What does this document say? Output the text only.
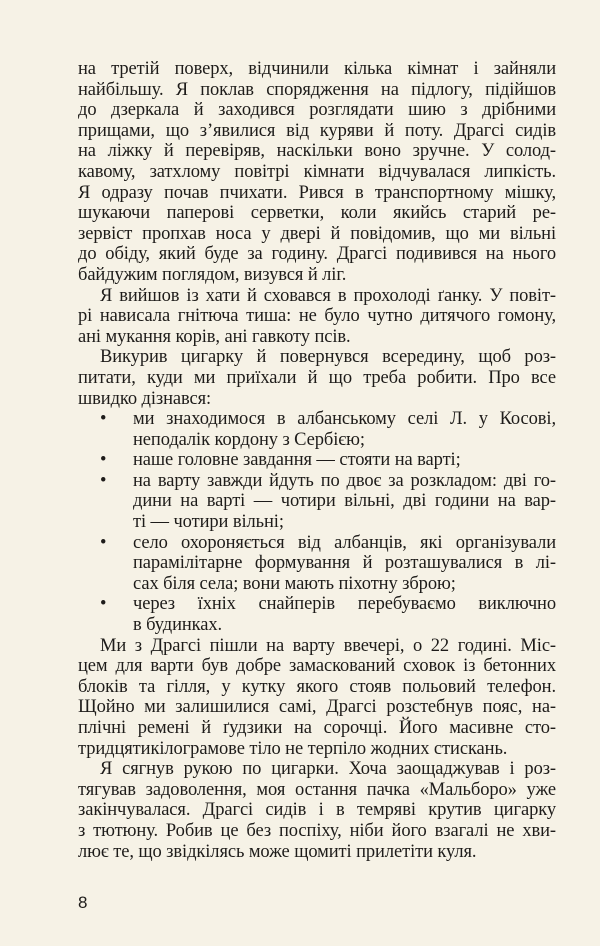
на третій поверх, відчинили кілька кімнат і зайняли
найбільшу. Я поклав спорядження на підлогу, підійшов
до дзеркала й заходився розглядати шию з дрібними
прищами, що з’явилися від куряви й поту. Драгсі сидів
на ліжку й перевіряв, наскільки воно зручне. У солод-
кавому, затхлому повітрі кімнати відчувалася липкість.
Я одразу почав пчихати. Рився в транспортному мішку,
шукаючи паперові серветки, коли якийсь старий ре-
зервіст пропхав носа у двері й повідомив, що ми вільні
до обіду, який буде за годину. Драгсі подивився на нього
байдужим поглядом, визувся й ліг.
Я вийшов із хати й сховався в прохолоді ґанку. У повіт-
рі нависала гнітюча тиша: не було чутно дитячого гомону,
ані мукання корів, ані гавкоту псів.
Викурив цигарку й повернувся всередину, щоб роз-
питати, куди ми приїхали й що треба робити. Про все
швидко дізнався:
• ми знаходимося в албанському селі Л. у Косові,
неподалік кордону з Сербією;
• наше головне завдання — стояти на варті;
• на варту завжди йдуть по двоє за розкладом: дві го-
дини на варті — чотири вільні, дві години на вар-
ті — чотири вільні;
• село охороняється від албанців, які організували
парамілітарне формування й розташувалися в лі-
сах біля села; вони мають піхотну зброю;
• через їхніх снайперів перебуваємо виключно
в будинках.
Ми з Драгсі пішли на варту ввечері, о 22 годині. Міс-
цем для варти був добре замаскований сховок із бетонних
блоків та гілля, у кутку якого стояв польовий телефон.
Щойно ми залишилися самі, Драгсі розстебнув пояс, на-
плічні ремені й ґудзики на сорочці. Його масивне сто-
тридцятикілограмове тіло не терпіло жодних стискань.
Я сягнув рукою по цигарки. Хоча заощаджував і роз-
тягував задоволення, моя остання пачка «Мальборо» уже
закінчувалася. Драгсі сидів і в темряві крутив цигарку
з тютюну. Робив це без поспіху, ніби його взагалі не хви-
лює те, що звідкілясь може щомиті прилетіти куля.
8
